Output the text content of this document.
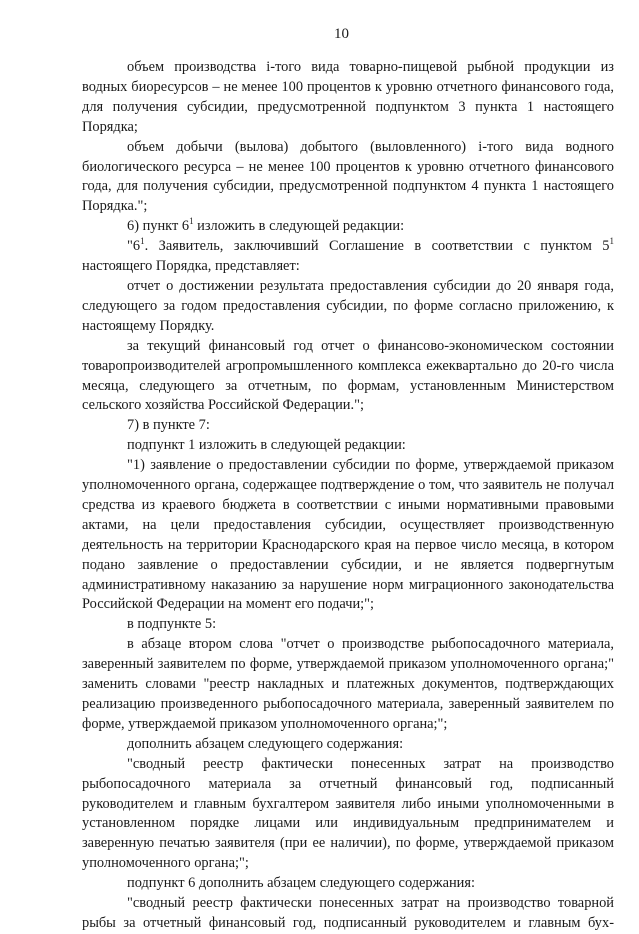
10

объем производства i-того вида товарно-пищевой рыбной продукции из водных биоресурсов – не менее 100 процентов к уровню отчетного финансового года, для получения субсидии, предусмотренной подпунктом 3 пункта 1 настоящего Порядка;

объем добычи (вылова) добытого (выловленного) i-того вида водного биологического ресурса – не менее 100 процентов к уровню отчетного финансового года, для получения субсидии, предусмотренной подпунктом 4 пункта 1 настоящего Порядка.";

6) пункт $6^1$ изложить в следующей редакции:

"$6^1$. Заявитель, заключивший Соглашение в соответствии с пунктом $5^1$ настоящего Порядка, представляет:

отчет о достижении результата предоставления субсидии до 20 января года, следующего за годом предоставления субсидии, по форме согласно приложению, к настоящему Порядку.

за текущий финансовый год отчет о финансово-экономическом состоянии товаропроизводителей агропромышленного комплекса ежеквартально до 20-го числа месяца, следующего за отчетным, по формам, установленным Министерством сельского хозяйства Российской Федерации.";

7) в пункте 7:

подпункт 1 изложить в следующей редакции:

"1) заявление о предоставлении субсидии по форме, утверждаемой приказом уполномоченного органа, содержащее подтверждение о том, что заявитель не получал средства из краевого бюджета в соответствии с иными нормативными правовыми актами, на цели предоставления субсидии, осуществляет производственную деятельность на территории Краснодарского края на первое число месяца, в котором подано заявление о предоставлении субсидии, и не является подвергнутым административному наказанию за нарушение норм миграционного законодательства Российской Федерации на момент его подачи;";

в подпункте 5:

в абзаце втором слова "отчет о производстве рыбопосадочного материала, заверенный заявителем по форме, утверждаемой приказом уполномоченного органа;" заменить словами "реестр накладных и платежных документов, подтверждающих реализацию произведенного рыбопосадочного материала, заверенный заявителем по форме, утверждаемой приказом уполномоченного органа;";

дополнить абзацем следующего содержания:

"сводный реестр фактически понесенных затрат на производство рыбопосадочного материала за отчетный финансовый год, подписанный руководителем и главным бухгалтером заявителя либо иными уполномоченными в установленном порядке лицами или индивидуальным предпринимателем и заверенную печатью заявителя (при ее наличии), по форме, утверждаемой приказом уполномоченного органа;";

подпункт 6 дополнить абзацем следующего содержания:

"сводный реестр фактически понесенных затрат на производство товарной рыбы за отчетный финансовый год, подписанный руководителем и главным бух-
